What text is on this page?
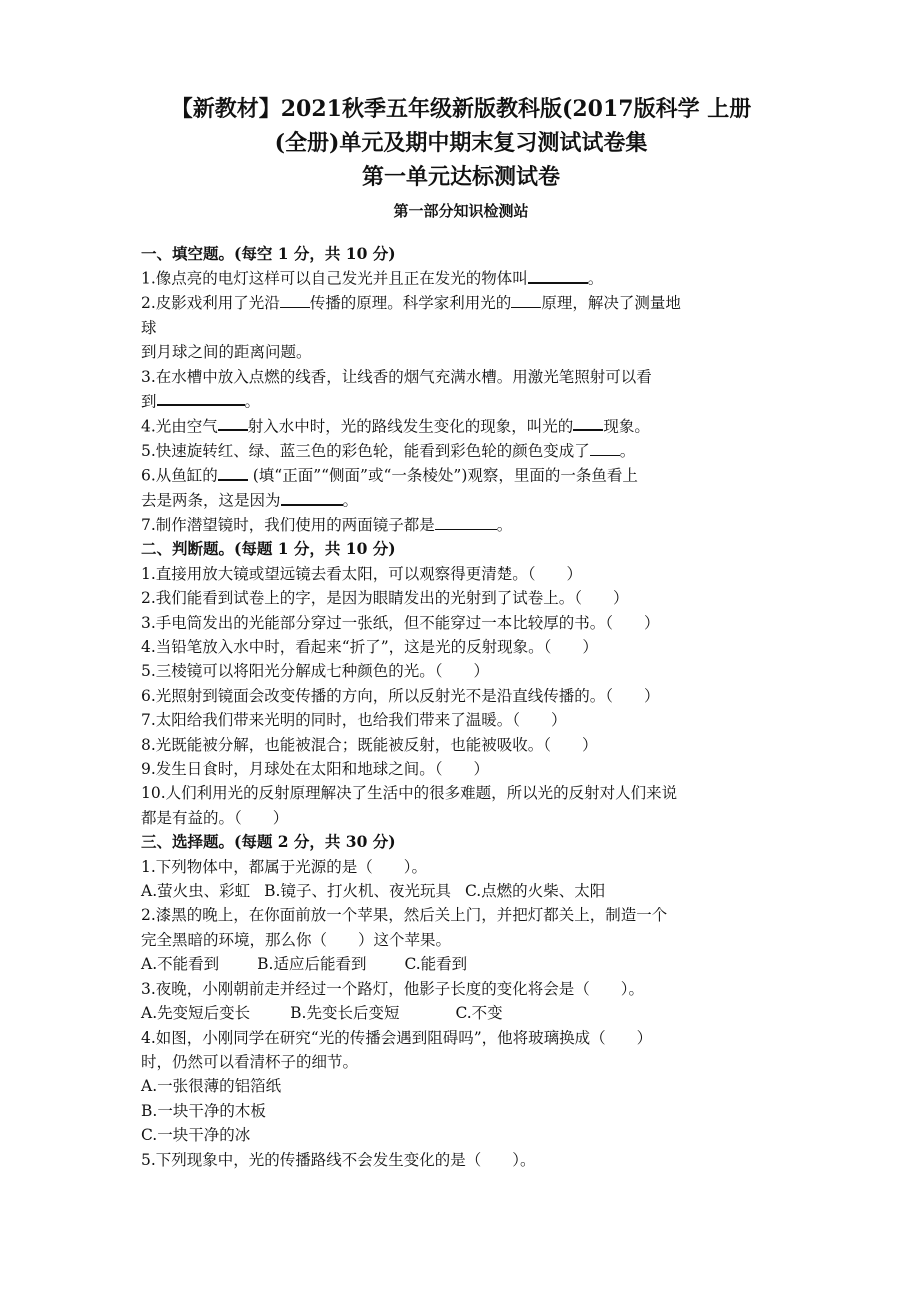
【新教材】2021秋季五年级新版教科版(2017版科学 上册
(全册)单元及期中期末复习测试试卷集
第一单元达标测试卷
第一部分知识检测站
一、填空题。(每空 1 分，共 10 分)
1.像点亮的电灯这样可以自己发光并且正在发光的物体叫	。
2.皮影戏利用了光沿 传播的原理。科学家利用光的 原理，解决了测量地
球
到月球之间的距离问题。
3.在水槽中放入点燃的线香，让线香的烟气充满水槽。用激光笔照射可以看
到	。
4.光由空气 射入水中时，光的路线发生变化的现象，叫光的 现象。
5.快速旋转红、绿、蓝三色的彩色轮，能看到彩色轮的颜色变成了 。
6.从鱼缸的 (填“正面”“侧面”或“一条棱处”)观察，里面的一条鱼看上
去是两条，这是因为	。
7.制作潜望镜时，我们使用的两面镜子都是	。
二、判断题。(每题 1 分，共 10 分)
1.直接用放大镜或望远镜去看太阳，可以观察得更清楚。（　　）
2.我们能看到试卷上的字，是因为眼睛发出的光射到了试卷上。（　　）
3.手电筒发出的光能部分穿过一张纸，但不能穿过一本比较厚的书。（　　）
4.当铅笔放入水中时，看起来“折了”，这是光的反射现象。（　　）
5.三棱镜可以将阳光分解成七种颜色的光。（　　）
6.光照射到镜面会改变传播的方向，所以反射光不是沿直线传播的。（　　）
7.太阳给我们带来光明的同时，也给我们带来了温暖。（　　）
8.光既能被分解，也能被混合；既能被反射，也能被吸收。（　　）
9.发生日食时，月球处在太阳和地球之间。（　　）
10.人们利用光的反射原理解决了生活中的很多难题，所以光的反射对人们来说
都是有益的。（　　）
三、选择题。(每题 2 分，共 30 分)
1.下列物体中，都属于光源的是（　　）。
A.萤火虫、彩虹 B.镜子、打火机、夜光玩具 C.点燃的火柴、太阳
2.漆黑的晚上，在你面前放一个苹果，然后关上门，并把灯都关上，制造一个
完全黑暗的环境，那么你（　　）这个苹果。
A.不能看到 B.适应后能看到 C.能看到
3.夜晚，小刚朝前走并经过一个路灯，他影子长度的变化将会是（　　）。
A.先变短后变长	B.先变长后变短	C.不变
4.如图，小刚同学在研究“光的传播会遇到阻碍吗”，他将玻璃换成（　　）
时，仍然可以看清杯子的细节。
A.一张很薄的铝箔纸
B.一块干净的木板
C.一块干净的冰
5.下列现象中，光的传播路线不会发生变化的是（　　）。
